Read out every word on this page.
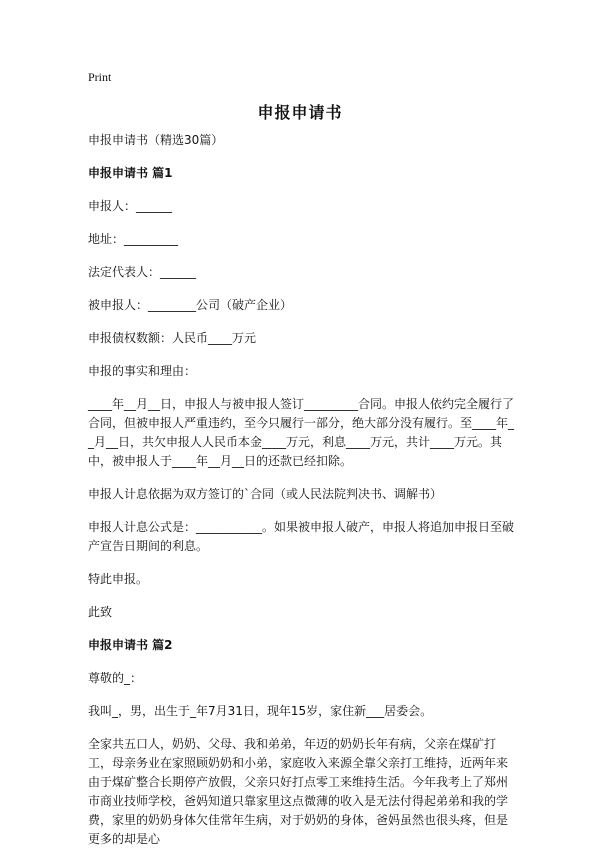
Print
申报申请书

申报申请书（精选30篇）

申报申请书 篇1

申报人：______

地址：_________

法定代表人：______

被申报人：________公司（破产企业）

申报债权数额：人民币____万元

申报的事实和理由：

____年__月__日，申报人与被申报人签订_________合同。申报人依约完全履行了合同，但被申报人严重违约，至今只履行一部分，绝大部分没有履行。至____年__月__日，共欠申报人人民币本金____万元，利息____万元，共计____万元。其中，被申报人于____年__月__日的还款已经扣除。

申报人计息依据为双方签订的`合同（或人民法院判决书、调解书）

申报人计息公式是：___________。如果被申报人破产，申报人将追加申报日至破产宣告日期间的利息。

特此申报。

此致

申报申请书 篇2

尊敬的_：

我叫_，男，出生于_年7月31日，现年15岁，家住新___居委会。

全家共五口人，奶奶、父母、我和弟弟，年迈的奶奶长年有病，父亲在煤矿打工，母亲务业在家照顾奶奶和小弟，家庭收入来源全靠父亲打工维持，近两年来由于煤矿整合长期停产放假，父亲只好打点零工来维持生活。今年我考上了郑州市商业技师学校，爸妈知道只靠家里这点微薄的收入是无法付得起弟弟和我的学费，家里的奶奶身体欠佳常年生病，对于奶奶的身体，爸妈虽然也很头疼，但是更多的却是心
